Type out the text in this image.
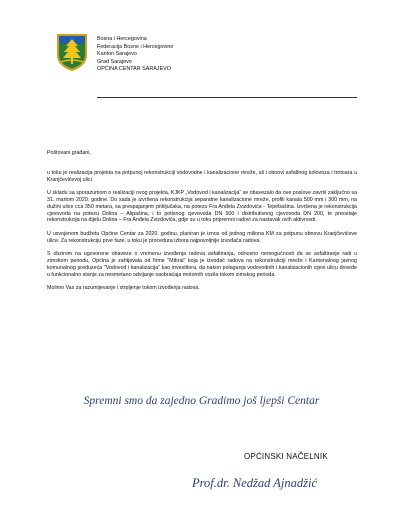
Bosna i Hercegovina
Federacija Bosne i Hercegovine
Kanton Sarajevo
Grad Sarajevo
OPĆINA CENTAR SARAJEVO

Poštovani građani,

u toku je realizacija projekta na potpunoj rekonstrukciji vodovodne i kanalizacione mreže, ali i obnovi asfaltnog kolovoza i trotoara u Kranjčevićevoj ulici.

U skladu sa sporazumom o realizaciji ovog projekta, KJKP „Vodovod i kanalizacija“ se obavezalo da ove poslove završi zaključno sa 31. martom 2020. godine. Do sada je izvršena rekonstrukcija separatne kanalizacione mreže, profili kanala 500 mm i 300 mm, na dužini ulice cca 350 metara, sa prespajanjem priključaka, na potezu Fra Anđela Zvizdovića - Tepebašina. Izvršena je rekonstrukcija cjevovoda na potezu Dolina – Alipašina, i to potisnog cjevovoda DN 500 i distributivnog cjevovoda DN 200, te preostaje rekonstrukcija na dijelu Dolina – Fra Anđela Zvizdovića, gdje su u toku pripremni radovi za nastavak ovih aktivnosti.

U usvojenom budžetu Općine Centar za 2020. godinu, planiran je iznos od jednog miliona KM za potpunu obnovu Kranjčevićeve ulice. Za rekonstrukciju prve faze, u toku je procedura izbora najpovoljnije izvođača radova.

S obzirom na ugovorene obaveze o vremenu izvođenja radova asfaltiranja, odnosno nemogućnosti da se asfaltiranje radi u zimskom periodu, Općina je zahtjevala od firme "Mibral" koja je izvođač radova na rekonstrukciji mreže i Kantonalnog javnog komunalnog preduzeća "Vodovod i kanalizacija" kao investitora, da nakon polaganja vodovodnih i kanalizacionih cijevi ulicu dovede u funkcionalno stanje za nesmetano odvijanje saobraćaja motornih vozila tokom zimskog perioda.

Molimo Vas za razumijevanje i strpljenje tokom izvođenja radova.

Spremni smo da zajedno Gradimo još ljepši Centar
OPĆINSKI NAČELNIK
Prof.dr. Nedžad Ajnadžić
